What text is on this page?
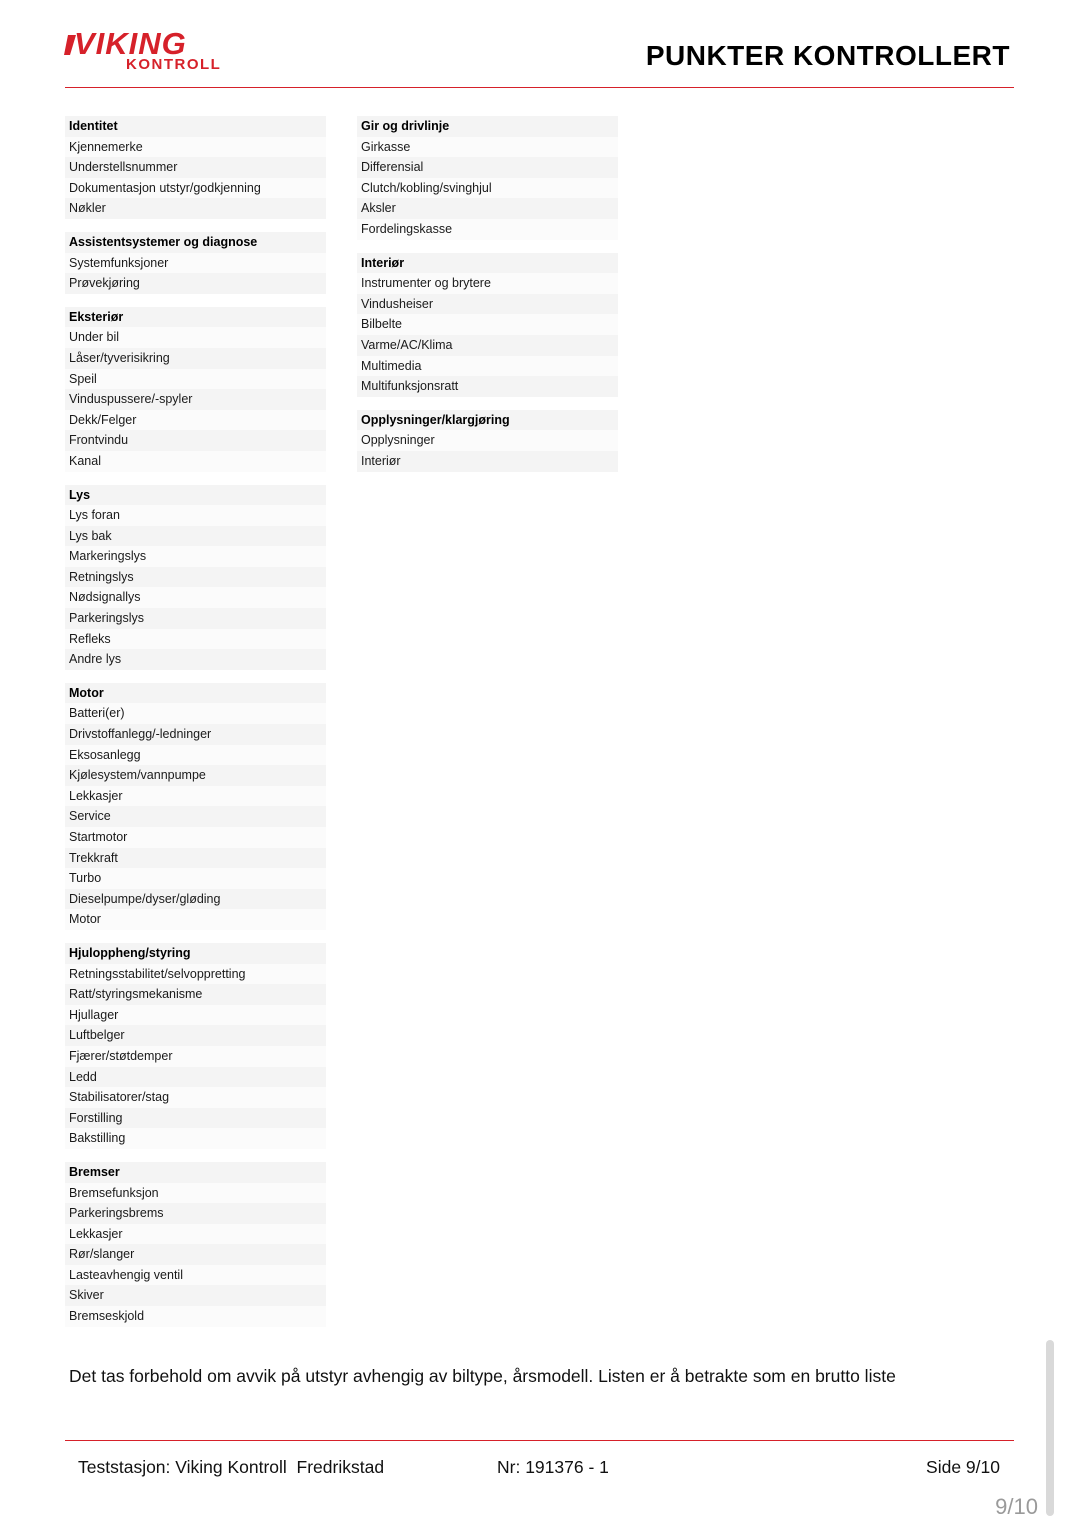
VIKING
KONTROLL	PUNKTER KONTROLLERT
Identitet
Kjennemerke
Understellsnummer
Dokumentasjon utstyr/godkjenning
Nøkler
Assistentsystemer og diagnose
Systemfunksjoner
Prøvekjøring
Eksteriør
Under bil
Låser/tyverisikring
Speil
Vinduspussere/-spyler
Dekk/Felger
Frontvindu
Kanal
Lys
Lys foran
Lys bak
Markeringslys
Retningslys
Nødsignallys
Parkeringslys
Refleks
Andre lys
Motor
Batteri(er)
Drivstoffanlegg/-ledninger
Eksosanlegg
Kjølesystem/vannpumpe
Lekkasjer
Service
Startmotor
Trekkraft
Turbo
Dieselpumpe/dyser/gløding
Motor
Hjuloppheng/styring
Retningsstabilitet/selvoppretting
Ratt/styringsmekanisme
Hjullager
Luftbelger
Fjærer/støtdemper
Ledd
Stabilisatorer/stag
Forstilling
Bakstilling
Bremser
Bremsefunksjon
Parkeringsbrems
Lekkasjer
Rør/slanger
Lasteavhengig ventil
Skiver
Bremseskjold
Gir og drivlinje
Girkasse
Differensial
Clutch/kobling/svinghjul
Aksler
Fordelingskasse
Interiør
Instrumenter og brytere
Vindusheiser
Bilbelte
Varme/AC/Klima
Multimedia
Multifunksjonsratt
Opplysninger/klargjøring
Opplysninger
Interiør
Det tas forbehold om avvik på utstyr avhengig av biltype, årsmodell. Listen er å betrakte som en brutto liste
Teststasjon: Viking Kontroll  Fredrikstad	Nr: 191376 - 1	Side 9/10
9/10
